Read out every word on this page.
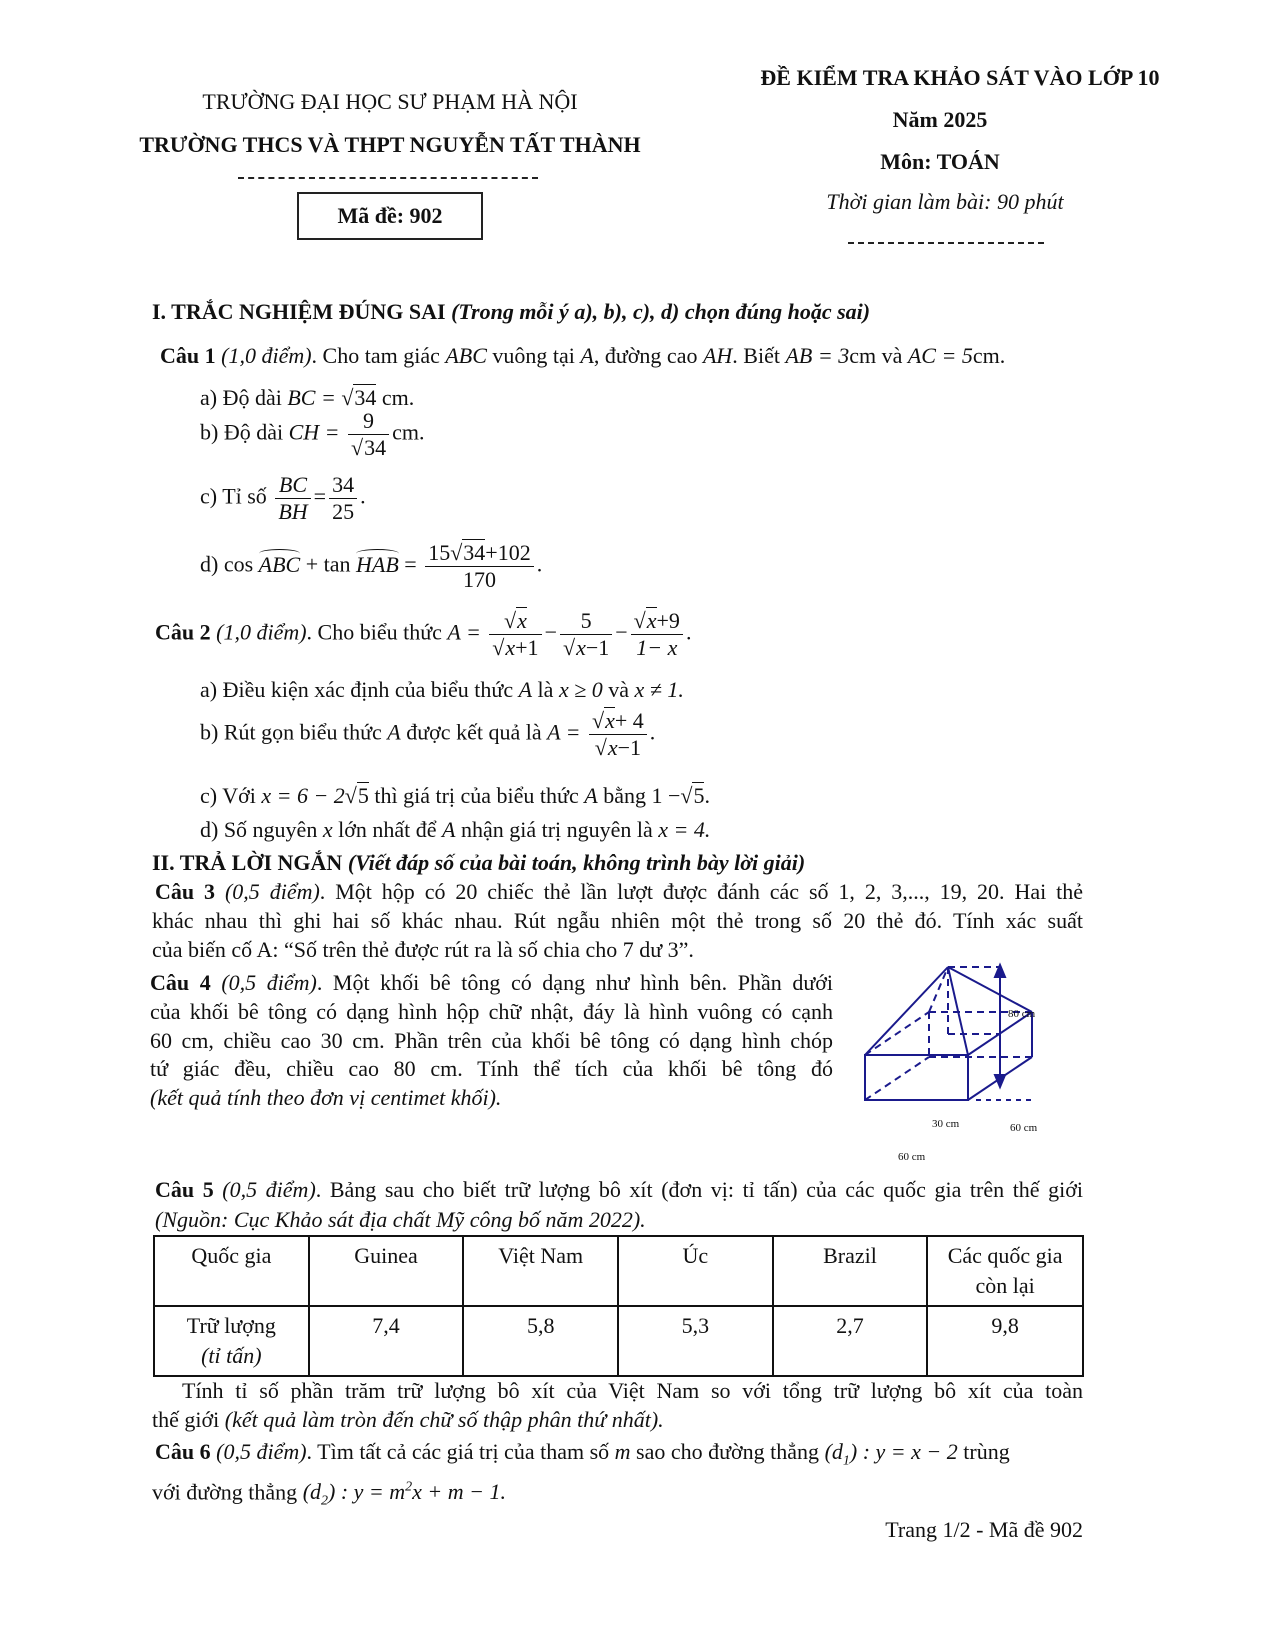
TRƯỜNG ĐẠI HỌC SƯ PHẠM HÀ NỘI
TRƯỜNG THCS VÀ THPT NGUYỄN TẤT THÀNH
Mã đề: 902
ĐỀ KIỂM TRA KHẢO SÁT VÀO LỚP 10
Năm 2025
Môn: TOÁN
Thời gian làm bài: 90 phút
I. TRẮC NGHIỆM ĐÚNG SAI (Trong mỗi ý a), b), c), d) chọn đúng hoặc sai)
Câu 1 (1,0 điểm). Cho tam giác ABC vuông tại A, đường cao AH. Biết AB = 3cm và AC = 5cm.
a) Độ dài BC = √34 cm.
b) Độ dài CH = $\frac{9}{√34}$ cm.
c) Tỉ số $\frac{BC}{BH} = \frac{34}{25}$ .
d) cos ABC + tan HAB = $\frac{15√34+102}{170}$ .
Câu 2 (1,0 điểm). Cho biểu thức $A = \frac{√x}{√x+1} - \frac{5}{√x-1} - \frac{√x+9}{1- x}$ .
a) Điều kiện xác định của biểu thức A là x ≥ 0 và x ≠ 1.
b) Rút gọn biểu thức A được kết quả là $A = \frac{√x+ 4}{√x-1}$ .
c) Với x = 6 − 2√5 thì giá trị của biểu thức A bằng 1 −√5.
d) Số nguyên x lớn nhất để A nhận giá trị nguyên là x = 4.
II. TRẢ LỜI NGẮN (Viết đáp số của bài toán, không trình bày lời giải)
Câu 3 (0,5 điểm). Một hộp có 20 chiếc thẻ lần lượt được đánh các số 1, 2, 3,..., 19, 20. Hai thẻ
khác nhau thì ghi hai số khác nhau. Rút ngẫu nhiên một thẻ trong số 20 thẻ đó. Tính xác suất
của biến cố A: “Số trên thẻ được rút ra là số chia cho 7 dư 3”.
Câu 4 (0,5 điểm). Một khối bê tông có dạng như hình bên. Phần dưới
của khối bê tông có dạng hình hộp chữ nhật, đáy là hình vuông có cạnh
60 cm, chiều cao 30 cm. Phần trên của khối bê tông có dạng hình chóp
tứ giác đều, chiều cao 80 cm. Tính thể tích của khối bê tông đó
(kết quả tính theo đơn vị centimet khối).
80 cm
30 cm	60 cm
60 cm
Câu 5 (0,5 điểm). Bảng sau cho biết trữ lượng bô xít (đơn vị: tỉ tấn) của các quốc gia trên thế giới
(Nguồn: Cục Khảo sát địa chất Mỹ công bố năm 2022).
Quốc gia	Guinea	Việt Nam	Úc	Brazil	Các quốc gia
còn lại
Trữ lượng
(tỉ tấn)	7,4	5,8	5,3	2,7	9,8
Tính tỉ số phần trăm trữ lượng bô xít của Việt Nam so với tổng trữ lượng bô xít của toàn
thế giới (kết quả làm tròn đến chữ số thập phân thứ nhất).
Câu 6 (0,5 điểm). Tìm tất cả các giá trị của tham số m sao cho đường thẳng $(d_1)$ : y = x − 2 trùng
với đường thẳng $(d_2)$ : $y = m^2x + m - 1$.
Trang 1/2 - Mã đề 902
